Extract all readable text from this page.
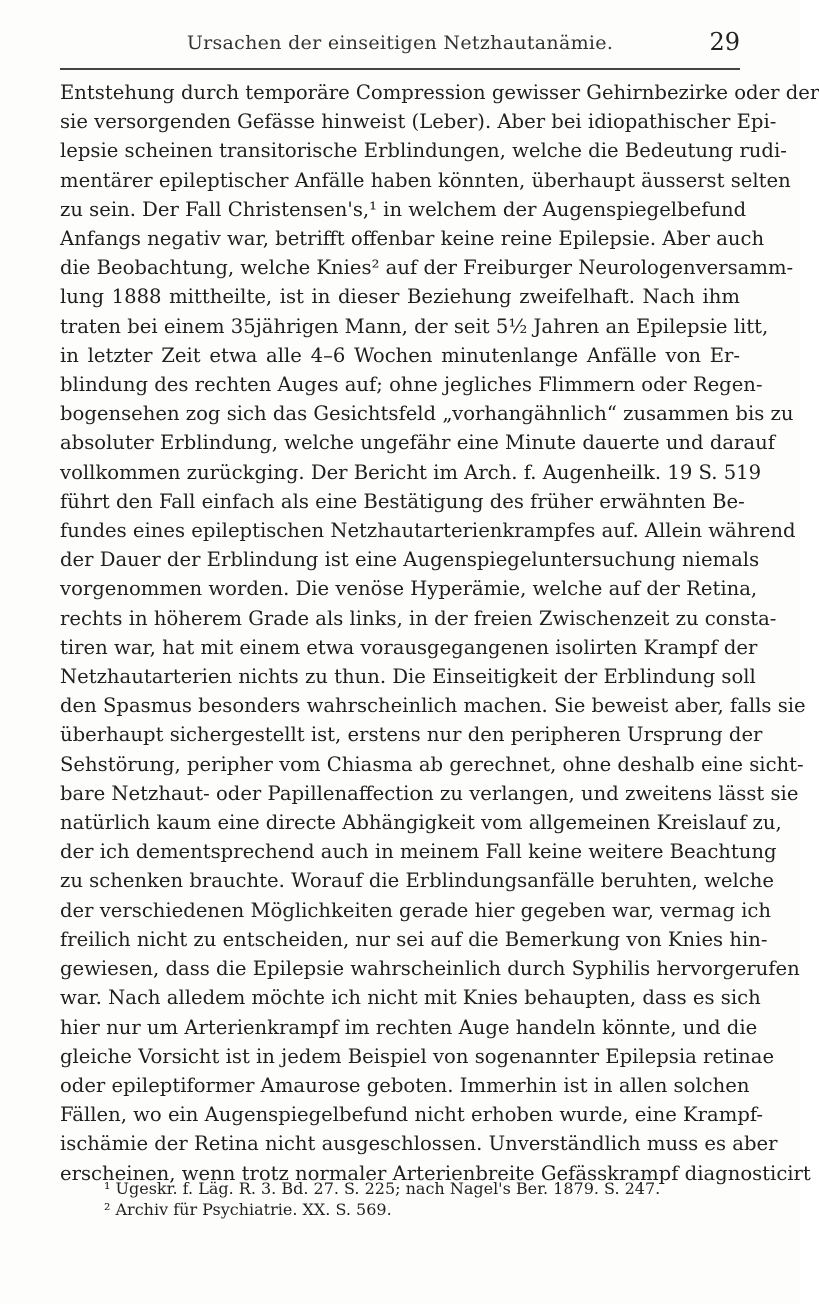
Ursachen der einseitigen Netzhautanämie.	29
Entstehung durch temporäre Compression gewisser Gehirnbezirke oder der
sie versorgenden Gefässe hinweist (Leber). Aber bei idiopathischer Epi-
lepsie scheinen transitorische Erblindungen, welche die Bedeutung rudi-
mentärer epileptischer Anfälle haben könnten, überhaupt äusserst selten
zu sein. Der Fall Christensen's,¹ in welchem der Augenspiegelbefund
Anfangs negativ war, betrifft offenbar keine reine Epilepsie. Aber auch
die Beobachtung, welche Knies² auf der Freiburger Neurologenversamm-
lung 1888 mittheilte, ist in dieser Beziehung zweifelhaft. Nach ihm
traten bei einem 35jährigen Mann, der seit 5½ Jahren an Epilepsie litt,
in letzter Zeit etwa alle 4–6 Wochen minutenlange Anfälle von Er-
blindung des rechten Auges auf; ohne jegliches Flimmern oder Regen-
bogensehen zog sich das Gesichtsfeld „vorhangähnlich“ zusammen bis zu
absoluter Erblindung, welche ungefähr eine Minute dauerte und darauf
vollkommen zurückging. Der Bericht im Arch. f. Augenheilk. 19 S. 519
führt den Fall einfach als eine Bestätigung des früher erwähnten Be-
fundes eines epileptischen Netzhautarterienkrampfes auf. Allein während
der Dauer der Erblindung ist eine Augenspiegeluntersuchung niemals
vorgenommen worden. Die venöse Hyperämie, welche auf der Retina,
rechts in höherem Grade als links, in der freien Zwischenzeit zu consta-
tiren war, hat mit einem etwa vorausgegangenen isolirten Krampf der
Netzhautarterien nichts zu thun. Die Einseitigkeit der Erblindung soll
den Spasmus besonders wahrscheinlich machen. Sie beweist aber, falls sie
überhaupt sichergestellt ist, erstens nur den peripheren Ursprung der
Sehstörung, peripher vom Chiasma ab gerechnet, ohne deshalb eine sicht-
bare Netzhaut- oder Papillenaffection zu verlangen, und zweitens lässt sie
natürlich kaum eine directe Abhängigkeit vom allgemeinen Kreislauf zu,
der ich dementsprechend auch in meinem Fall keine weitere Beachtung
zu schenken brauchte. Worauf die Erblindungsanfälle beruhten, welche
der verschiedenen Möglichkeiten gerade hier gegeben war, vermag ich
freilich nicht zu entscheiden, nur sei auf die Bemerkung von Knies hin-
gewiesen, dass die Epilepsie wahrscheinlich durch Syphilis hervorgerufen
war. Nach alledem möchte ich nicht mit Knies behaupten, dass es sich
hier nur um Arterienkrampf im rechten Auge handeln könnte, und die
gleiche Vorsicht ist in jedem Beispiel von sogenannter Epilepsia retinae
oder epileptiformer Amaurose geboten. Immerhin ist in allen solchen
Fällen, wo ein Augenspiegelbefund nicht erhoben wurde, eine Krampf-
ischämie der Retina nicht ausgeschlossen. Unverständlich muss es aber
erscheinen, wenn trotz normaler Arterienbreite Gefässkrampf diagnosticirt
¹ Ugeskr. f. Läg. R. 3. Bd. 27. S. 225; nach Nagel's Ber. 1879. S. 247.
² Archiv für Psychiatrie. XX. S. 569.
